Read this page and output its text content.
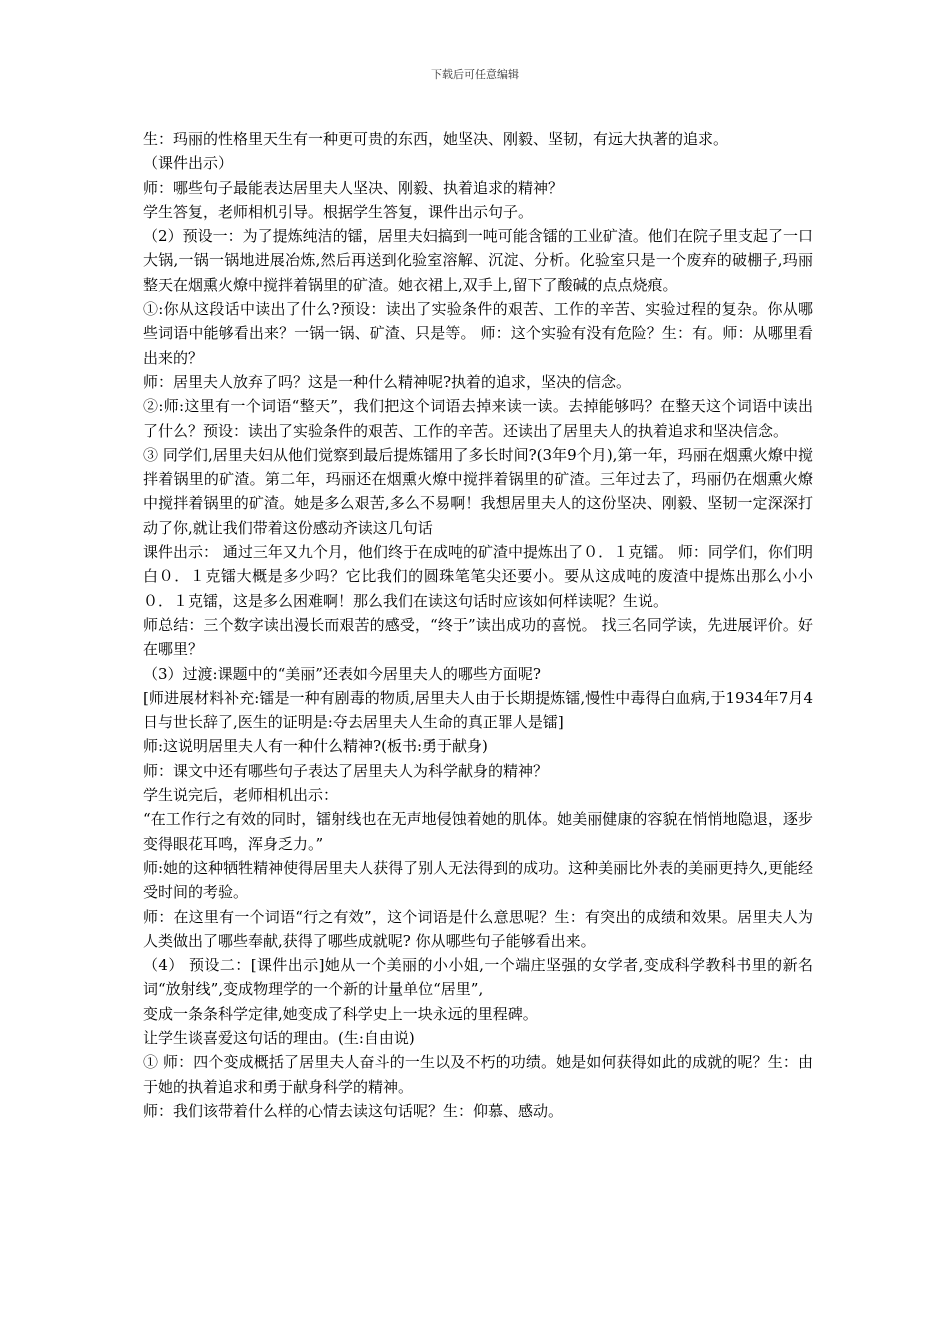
下载后可任意编辑

生：玛丽的性格里天生有一种更可贵的东西，她坚决、刚毅、坚韧，有远大执著的追求。

（课件出示）

师：哪些句子最能表达居里夫人坚决、刚毅、执着追求的精神？

学生答复，老师相机引导。根据学生答复，课件出示句子。

（2）预设一：为了提炼纯洁的镭，居里夫妇搞到一吨可能含镭的工业矿渣。他们在院子里支起了一口大锅,一锅一锅地进展冶炼,然后再送到化验室溶解、沉淀、分析。化验室只是一个废弃的破棚子,玛丽整天在烟熏火燎中搅拌着锅里的矿渣。她衣裙上,双手上,留下了酸碱的点点烧痕。

①:你从这段话中读出了什么?预设：读出了实验条件的艰苦、工作的辛苦、实验过程的复杂。你从哪些词语中能够看出来？一锅一锅、矿渣、只是等。 师：这个实验有没有危险？生：有。师：从哪里看出来的？

师：居里夫人放弃了吗？这是一种什么精神呢?执着的追求，坚决的信念。

②:师:这里有一个词语“整天”，我们把这个词语去掉来读一读。去掉能够吗？在整天这个词语中读出了什么？预设：读出了实验条件的艰苦、工作的辛苦。还读出了居里夫人的执着追求和坚决信念。

③ 同学们,居里夫妇从他们觉察到最后提炼镭用了多长时间?(3年9个月),第一年，玛丽在烟熏火燎中搅拌着锅里的矿渣。第二年，玛丽还在烟熏火燎中搅拌着锅里的矿渣。三年过去了，玛丽仍在烟熏火燎中搅拌着锅里的矿渣。她是多么艰苦,多么不易啊！我想居里夫人的这份坚决、刚毅、坚韧一定深深打动了你,就让我们带着这份感动齐读这几句话

课件出示： 通过三年又九个月，他们终于在成吨的矿渣中提炼出了０．１克镭。 师：同学们，你们明白０．１克镭大概是多少吗？它比我们的圆珠笔笔尖还要小。要从这成吨的废渣中提炼出那么小小０．１克镭，这是多么困难啊！那么我们在读这句话时应该如何样读呢？生说。

师总结：三个数字读出漫长而艰苦的感受，“终于”读出成功的喜悦。 找三名同学读，先进展评价。好在哪里？

（3）过渡:课题中的“美丽”还表如今居里夫人的哪些方面呢?

[师进展材料补充:镭是一种有剧毒的物质,居里夫人由于长期提炼镭,慢性中毒得白血病,于1934年7月4日与世长辞了,医生的证明是:夺去居里夫人生命的真正罪人是镭]

师:这说明居里夫人有一种什么精神?(板书:勇于献身)

师：课文中还有哪些句子表达了居里夫人为科学献身的精神？

学生说完后，老师相机出示：

“在工作行之有效的同时，镭射线也在无声地侵蚀着她的肌体。她美丽健康的容貌在悄悄地隐退，逐步变得眼花耳鸣，浑身乏力。”

师:她的这种牺牲精神使得居里夫人获得了别人无法得到的成功。这种美丽比外表的美丽更持久,更能经受时间的考验。

师：在这里有一个词语“行之有效”，这个词语是什么意思呢？生：有突出的成绩和效果。居里夫人为人类做出了哪些奉献,获得了哪些成就呢? 你从哪些句子能够看出来。

（4） 预设二：[课件出示]她从一个美丽的小小姐,一个端庄坚强的女学者,变成科学教科书里的新名词“放射线”,变成物理学的一个新的计量单位“居里”,

变成一条条科学定律,她变成了科学史上一块永远的里程碑。

让学生谈喜爱这句话的理由。(生:自由说)

① 师：四个变成概括了居里夫人奋斗的一生以及不朽的功绩。她是如何获得如此的成就的呢？生：由于她的执着追求和勇于献身科学的精神。

师：我们该带着什么样的心情去读这句话呢？生：仰慕、感动。
